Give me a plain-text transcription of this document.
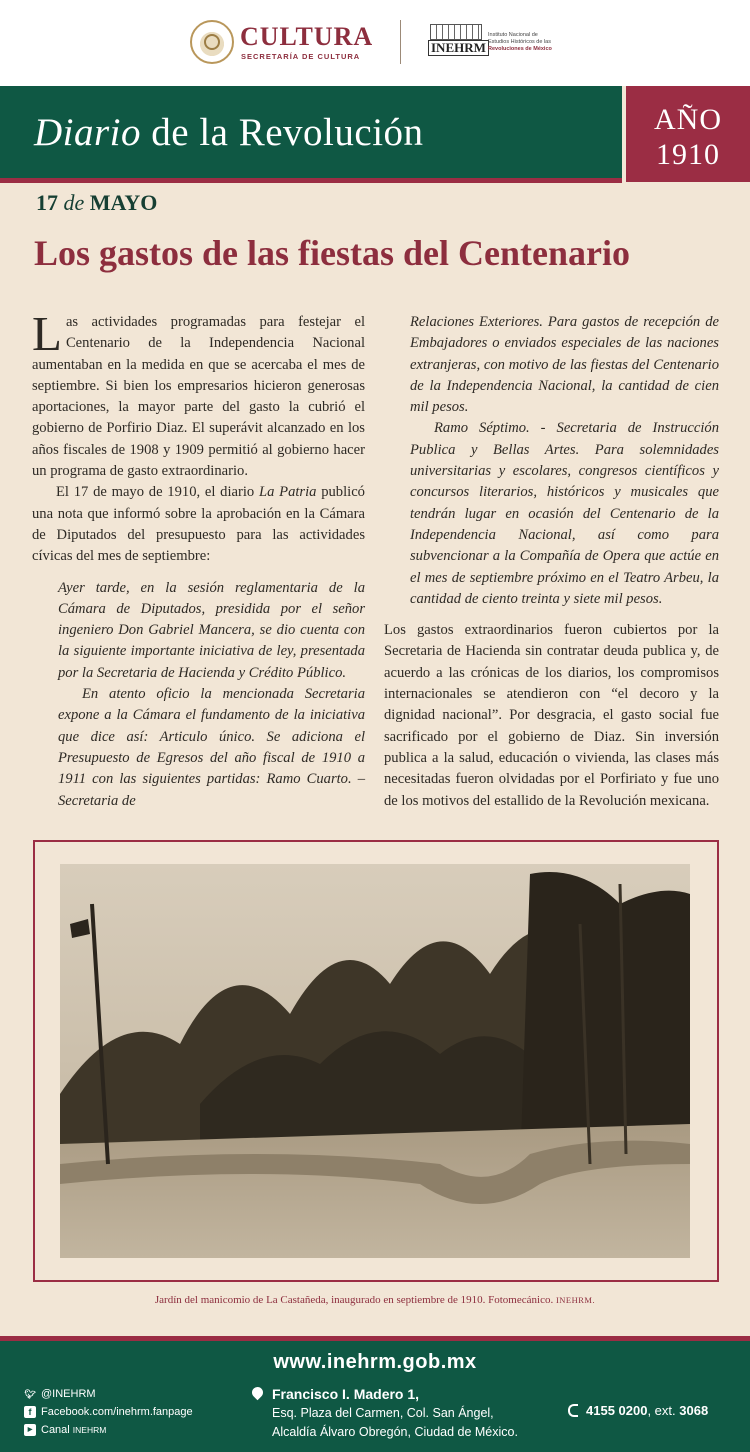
CULTURA
SECRETARÍA DE CULTURA
INEHRM
Instituto Nacional de
Estudios Históricos de las
Revoluciones de México
Diario de la Revolución	AÑO
1910
17 de MAYO
Los gastos de las fiestas del Centenario

Las actividades programadas para festejar el Centenario de la Independencia Nacional aumentaban en la medida en que se acercaba el mes de septiembre. Si bien los empresarios hicieron generosas aportaciones, la mayor parte del gasto la cubrió el gobierno de Porfirio Diaz. El superávit alcanzado en los años fiscales de 1908 y 1909 permitió al gobierno hacer un programa de gasto extraordinario.

El 17 de mayo de 1910, el diario La Patria publicó una nota que informó sobre la aprobación en la Cámara de Diputados del presupuesto para las actividades cívicas del mes de septiembre:

Ayer tarde, en la sesión reglamentaria de la Cámara de Diputados, presidida por el señor ingeniero Don Gabriel Mancera, se dio cuenta con la siguiente importante iniciativa de ley, presentada por la Secretaria de Hacienda y Crédito Público.

En atento oficio la mencionada Secretaria expone a la Cámara el fundamento de la iniciativa que dice así: Articulo único. Se adiciona el Presupuesto de Egresos del año fiscal de 1910 a 1911 con las siguientes partidas: Ramo Cuarto. – Secretaria de

Relaciones Exteriores. Para gastos de recepción de Embajadores o enviados especiales de las naciones extranjeras, con motivo de las fiestas del Centenario de la Independencia Nacional, la cantidad de cien mil pesos.

Ramo Séptimo. - Secretaria de Instrucción Publica y Bellas Artes. Para solemnidades universitarias y escolares, congresos científicos y concursos literarios, históricos y musicales que tendrán lugar en ocasión del Centenario de la Independencia Nacional, así como para subvencionar a la Compañía de Opera que actúe en el mes de septiembre próximo en el Teatro Arbeu, la cantidad de ciento treinta y siete mil pesos.

Los gastos extraordinarios fueron cubiertos por la Secretaria de Hacienda sin contratar deuda publica y, de acuerdo a las crónicas de los diarios, los compromisos internacionales se atendieron con “el decoro y la dignidad nacional”. Por desgracia, el gasto social fue sacrificado por el gobierno de Diaz. Sin inversión publica a la salud, educación o vivienda, las clases más necesitadas fueron olvidadas por el Porfiriato y fue uno de los motivos del estallido de la Revolución mexicana.

Jardín del manicomio de La Castañeda, inaugurado en septiembre de 1910. Fotomecánico. INEHRM.
www.inehrm.gob.mx
🐦︎ @INEHRM
f Facebook.com/inehrm.fanpage
▶ Canal INEHRM
Francisco I. Madero 1,
Esq. Plaza del Carmen, Col. San Ángel,
Alcaldía Álvaro Obregón, Ciudad de México.
4155 0200, ext. 3068
